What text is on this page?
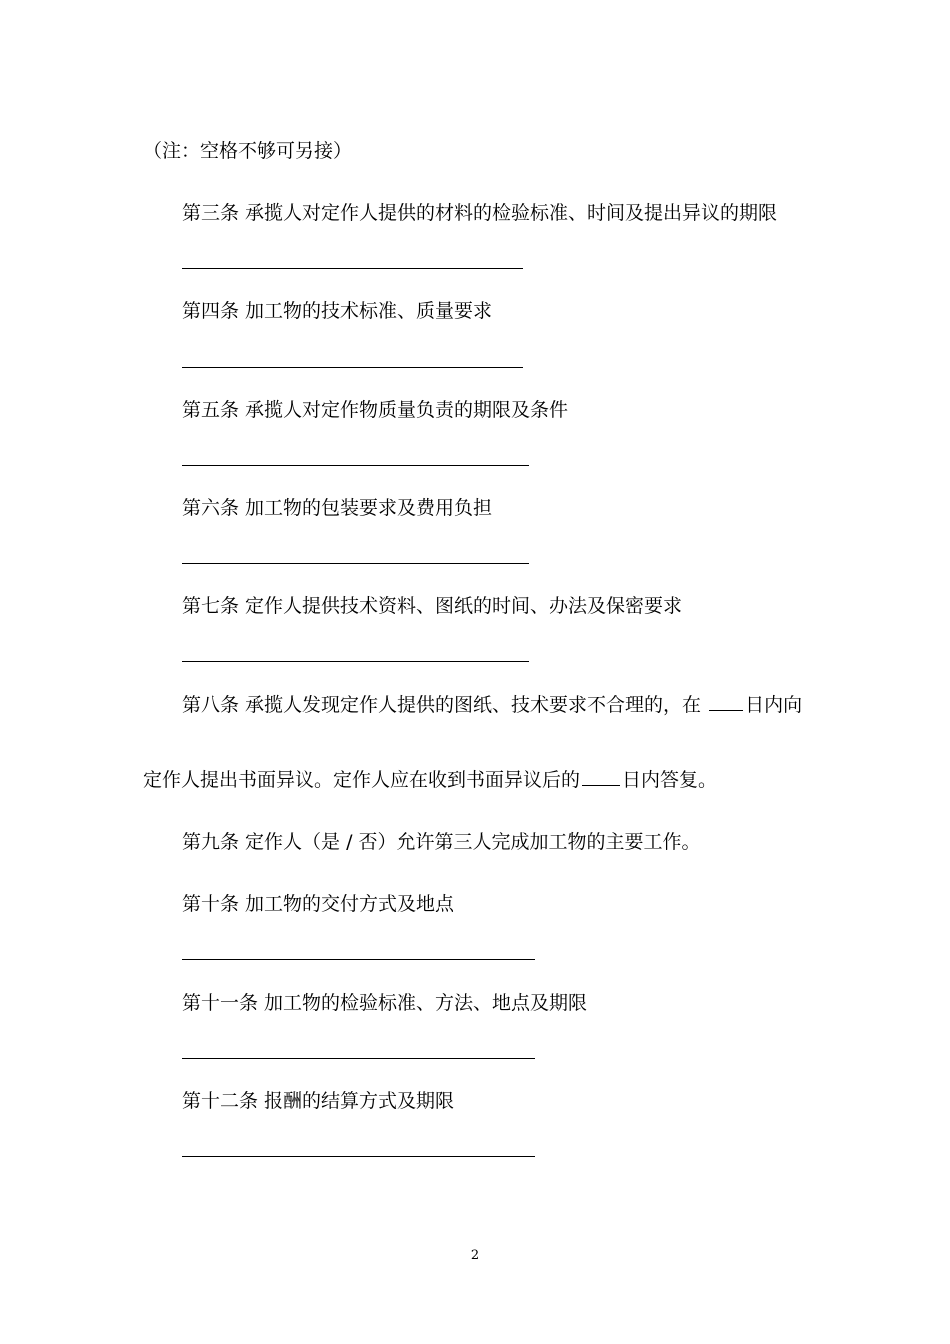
（注：空格不够可另接）
第三条 承揽人对定作人提供的材料的检验标准、时间及提出异议的期限
第四条 加工物的技术标准、质量要求
第五条 承揽人对定作物质量负责的期限及条件
第六条 加工物的包装要求及费用负担
第七条 定作人提供技术资料、图纸的时间、办法及保密要求
第八条 承揽人发现定作人提供的图纸、技术要求不合理的，在 日内向
定作人提出书面异议。定作人应在收到书面异议后的 日内答复。
第九条 定作人（是 / 否）允许第三人完成加工物的主要工作。
第十条 加工物的交付方式及地点
第十一条 加工物的检验标准、方法、地点及期限
第十二条 报酬的结算方式及期限
2
